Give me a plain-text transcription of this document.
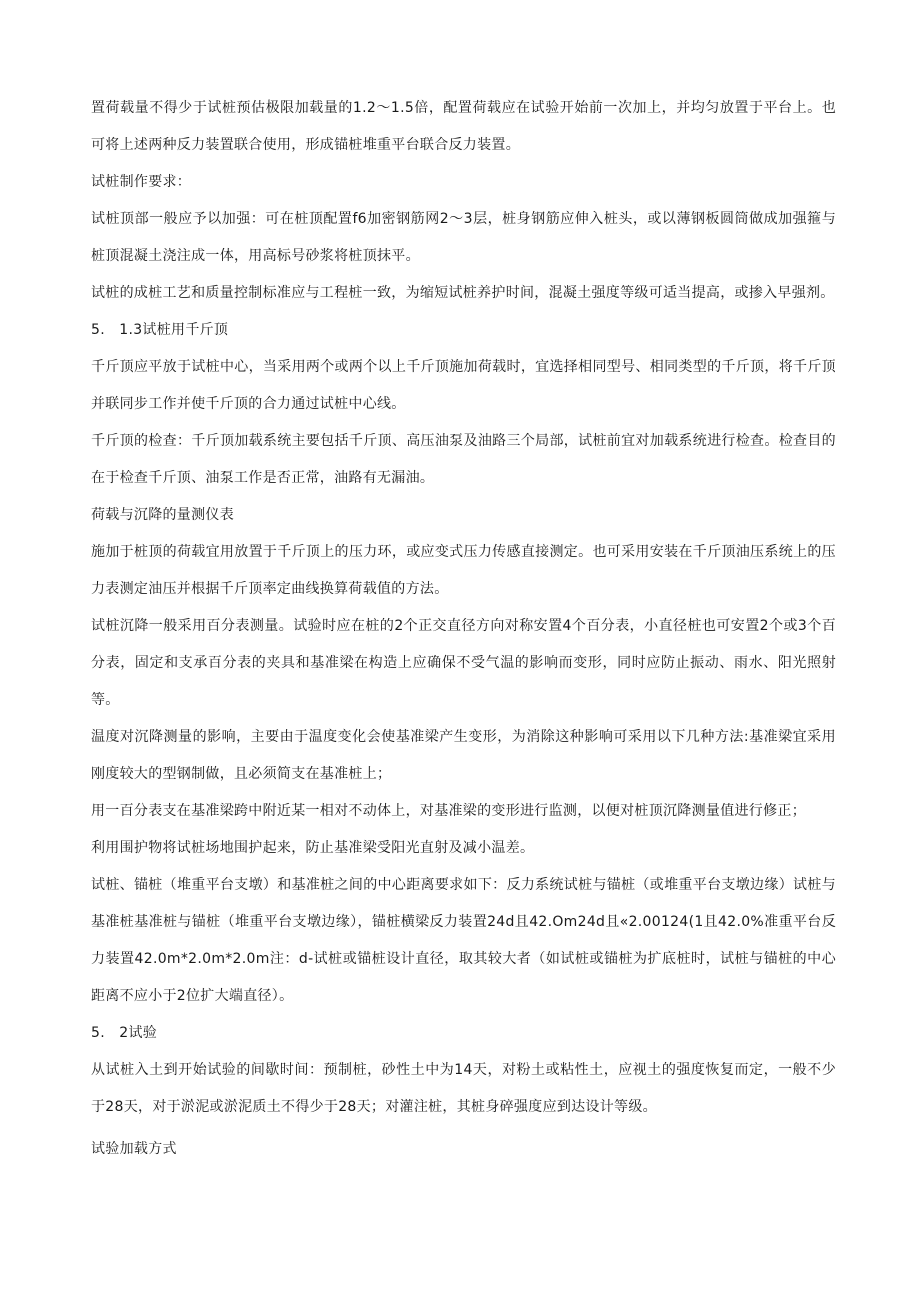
置荷载量不得少于试桩预估极限加载量的1.2〜1.5倍，配置荷载应在试验开始前一次加上，并均匀放置于平台上。也可将上述两种反力装置联合使用，形成锚桩堆重平台联合反力装置。

试桩制作要求：

试桩顶部一般应予以加强：可在桩顶配置f6加密钢筋网2〜3层，桩身钢筋应伸入桩头，或以薄钢板圆筒做成加强箍与桩顶混凝土浇注成一体，用高标号砂浆将桩顶抹平。

试桩的成桩工艺和质量控制标准应与工程桩一致，为缩短试桩养护时间，混凝土强度等级可适当提高，或掺入早强剂。

5.　1.3试桩用千斤顶

千斤顶应平放于试桩中心，当采用两个或两个以上千斤顶施加荷载时，宜选择相同型号、相同类型的千斤顶，将千斤顶并联同步工作并使千斤顶的合力通过试桩中心线。

千斤顶的检查：千斤顶加载系统主要包括千斤顶、高压油泵及油路三个局部，试桩前宜对加载系统进行检查。检查目的在于检查千斤顶、油泵工作是否正常，油路有无漏油。

荷载与沉降的量测仪表

施加于桩顶的荷载宜用放置于千斤顶上的压力环，或应变式压力传感直接测定。也可采用安装在千斤顶油压系统上的压力表测定油压并根据千斤顶率定曲线换算荷载值的方法。

试桩沉降一般采用百分表测量。试验时应在桩的2个正交直径方向对称安置4个百分表，小直径桩也可安置2个或3个百分表，固定和支承百分表的夹具和基准梁在构造上应确保不受气温的影响而变形，同时应防止振动、雨水、阳光照射等。

温度对沉降测量的影响，主要由于温度变化会使基准梁产生变形，为消除这种影响可采用以下几种方法:基准梁宜采用刚度较大的型钢制做，且必须简支在基准桩上；

用一百分表支在基准梁跨中附近某一相对不动体上，对基准梁的变形进行监测，以便对桩顶沉降测量值进行修正；

利用围护物将试桩场地围护起来，防止基准梁受阳光直射及减小温差。

试桩、锚桩（堆重平台支墩）和基准桩之间的中心距离要求如下：反力系统试桩与锚桩（或堆重平台支墩边缘）试桩与基准桩基准桩与锚桩（堆重平台支墩边缘），锚桩横梁反力装置24d且42.Om24d且«2.00124(1且42.0%准重平台反力装置42.0m*2.0m*2.0m注：d-试桩或锚桩设计直径，取其较大者（如试桩或锚桩为扩底桩时，试桩与锚桩的中心距离不应小于2位扩大端直径）。

5.　2试验

从试桩入土到开始试验的间歇时间：预制桩，砂性土中为14天，对粉土或粘性土，应视土的强度恢复而定，一般不少于28天，对于淤泥或淤泥质土不得少于28天；对灌注桩，其桩身碎强度应到达设计等级。

试验加载方式
